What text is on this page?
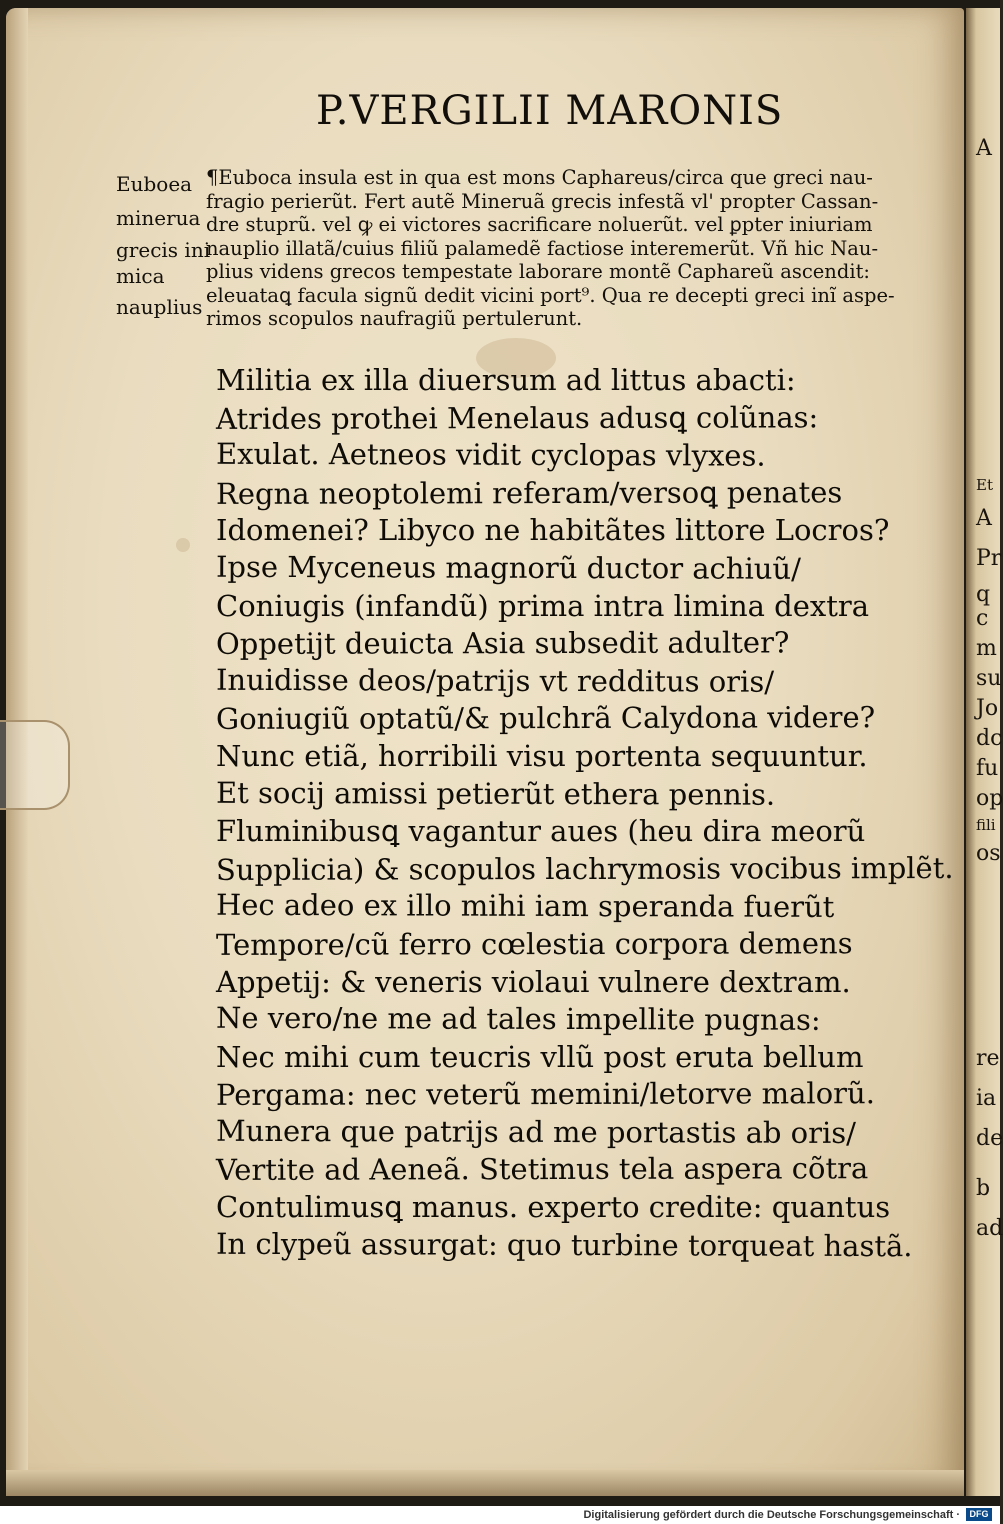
A
Et
A
Pr
q
c
m
su
Jo
dc
fu
op
fili
os
re
ia
de
b
ad
P.VERGILII MARONIS
Euboea
minerua
grecis ini
mica
nauplius
¶Euboca insula est in qua est mons Caphareus/circa que greci nau-
fragio perierũt. Fert autẽ Mineruã grecis infestã vl' propter Cassan-
dre stuprũ. vel ꝙ ei victores sacrificare noluerũt. vel ꝑpter iniuriam
nauplio illatã/cuius filiũ palamedẽ factiose interemerũt. Vñ hic Nau-
plius videns grecos tempestate laborare montẽ Caphareũ ascendit:
eleuataꝗ facula signũ dedit vicini port⁹. Qua re decepti greci inĩ aspe-
rimos scopulos naufragiũ pertulerunt.
Militia ex illa diuersum ad littus abacti:
Atrides prothei Menelaus adusꝗ colũnas:
Exulat. Aetneos vidit cyclopas vlyxes.
Regna neoptolemi referam/versoꝗ penates
Idomenei? Libyco ne habitãtes littore Locros?
Ipse Myceneus magnorũ ductor achiuũ/
Coniugis (infandũ) prima intra limina dextra
Oppetijt deuicta Asia subsedit adulter?
Inuidisse deos/patrijs vt redditus oris/
Goniugiũ optatũ/& pulchrã Calydona videre?
Nunc etiã, horribili visu portenta sequuntur.
Et socij amissi petierũt ethera pennis.
Fluminibusꝗ vagantur aues (heu dira meorũ
Supplicia) & scopulos lachrymosis vocibus implẽt.
Hec adeo ex illo mihi iam speranda fuerũt
Tempore/cũ ferro cœlestia corpora demens
Appetij: & veneris violaui vulnere dextram.
Ne vero/ne me ad tales impellite pugnas:
Nec mihi cum teucris vllũ post eruta bellum
Pergama: nec veterũ memini/letorve malorũ.
Munera que patrijs ad me portastis ab oris/
Vertite ad Aeneã. Stetimus tela aspera cõtra
Contulimusꝗ manus. experto credite: quantus
In clypeũ assurgat: quo turbine torqueat hastã.
Digitalisierung gefördert durch die Deutsche Forschungsgemeinschaft ·	DFG
